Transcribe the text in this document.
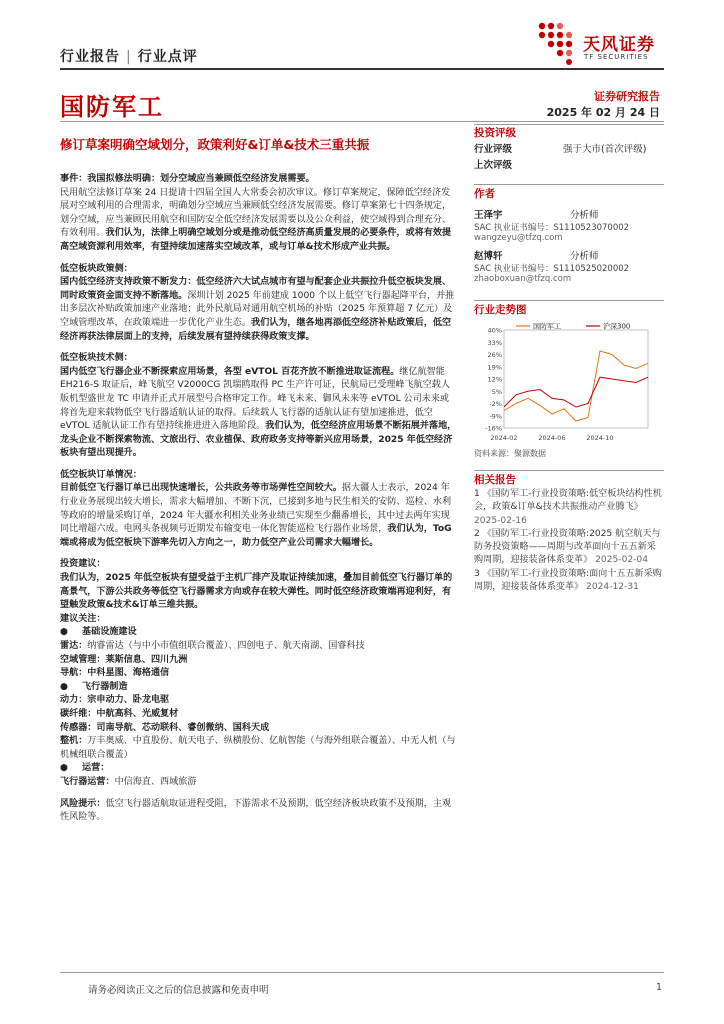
行业报告 | 行业点评
天风证券
TF SECURITIES
国防军工	证券研究报告
2025 年 02 月 24 日
修订草案明确空域划分，政策利好&订单&技术三重共振

事件：我国拟修法明确：划分空域应当兼顾低空经济发展需要。

民用航空法修订草案 24 日提请十四届全国人大常委会初次审议。修订草案规定，保障低空经济发展对空域利用的合理需求，明确划分空域应当兼顾低空经济发展需要。修订草案第七十四条规定，划分空域，应当兼顾民用航空和国防安全低空经济发展需要以及公众利益，使空域得到合理充分、有效利用。我们认为，法律上明确空域划分或是推动低空经济高质量发展的必要条件，或将有效提高空域资源利用效率，有望持续加速落实空域改革，或与订单&技术形成产业共振。

低空板块政策侧：

国内低空经济支持政策不断发力：低空经济六大试点城市有望与配套企业共振拉升低空板块发展、同时政策资金面支持不断落地。深圳计划 2025 年前建成 1000 个以上低空飞行器起降平台，并推出多层次补贴政策加速产业落地；此外民航局对通用航空机场的补贴（2025 年预算超 7 亿元）及空域管理改革，在政策端进一步优化产业生态。我们认为，继各地再添低空经济补贴政策后，低空经济再获法律层面上的支持，后续发展有望持续获得政策支撑。

低空板块技术侧：

国内低空飞行器企业不断探索应用场景，各型 eVTOL 百花齐放不断推进取证流程。继亿航智能 EH216-S 取证后，峰飞航空 V2000CG 凯瑞鸥取得 PC 生产许可证，民航局已受理峰飞航空载人版机型盛世龙 TC 申请并正式开展型号合格审定工作。峰飞未来、御风未来等 eVTOL 公司未来或将首先迎来载物低空飞行器适航认证的取得。后续载人飞行器的适航认证有望加速推进，低空 eVTOL 适航认证工作有望持续推进进入落地阶段。我们认为，低空经济应用场景不断拓展并落地，龙头企业不断探索物流、文旅出行、农业植保、政府政务支持等新兴应用场景，2025 年低空经济板块有望出现提升。

低空板块订单情况：

目前低空飞行器订单已出现快速增长，公共政务等市场弹性空间较大。据大疆人士表示，2024 年行业业务展现出较大增长，需求大幅增加、不断下沉，已接到多地与民生相关的安防、巡检、水利等政府的增量采购订单，2024 年大疆水利相关业务业绩已实现至少翻番增长，其中过去两年实现同比增超六成。电网头条视频号近期发布输变电一体化智能巡检飞行器作业场景，我们认为，ToG 端或将成为低空板块下游率先切入方向之一，助力低空产业公司需求大幅增长。

投资建议：

我们认为，2025 年低空板块有望受益于主机厂排产及取证持续加速，叠加目前低空飞行器订单的高景气，下游公共政务等低空飞行器需求方向或存在较大弹性。同时低空经济政策端再迎利好，有望触发政策&技术&订单三维共振。

建议关注：

●	基础设施建设

雷达：纳睿雷达（与中小市值组联合覆盖）、四创电子、航天南湖、国睿科技

空域管理：莱斯信息、四川九洲

导航：中科星图、海格通信

●	飞行器制造

动力：宗申动力、卧龙电驱

碳纤维：中航高科、光威复材

传感器：司南导航、芯动联科、睿创微纳、国科天成

整机：万丰奥威、中直股份、航天电子、纵横股份、亿航智能（与海外组联合覆盖）、中无人机（与机械组联合覆盖）

●	运营：

飞行器运营：中信海直、西域旅游

风险提示：低空飞行器适航取证进程受阻，下游需求不及预期，低空经济板块政策不及预期，主观性风险等。

投资评级
行业评级	强于大市(首次评级)
上次评级
作者
王泽宇	分析师
SAC 执业证书编号：S1110523070002
wangzeyu@tfzq.com
赵博轩	分析师
SAC 执业证书编号：S1110525020002
zhaoboxuan@tfzq.com
行业走势图
40%
33%
26%
19%
12%
5%
-2%
-9%
-16%
2024-02	2024-06	2024-10
国防军工	沪深300
资料来源：聚源数据
相关报告

1 《国防军工-行业投资策略:低空板块结构性机会，政策&订单&技术共振推动产业腾飞》 2025-02-16

2 《国防军工-行业投资策略:2025 航空航天与防务投资策略——周期与改革面向十五五新采购周期，迎接装备体系变革》 2025-02-04

3 《国防军工-行业投资策略:面向十五五新采购周期，迎接装备体系变革》 2024-12-31

请务必阅读正文之后的信息披露和免责申明	1
